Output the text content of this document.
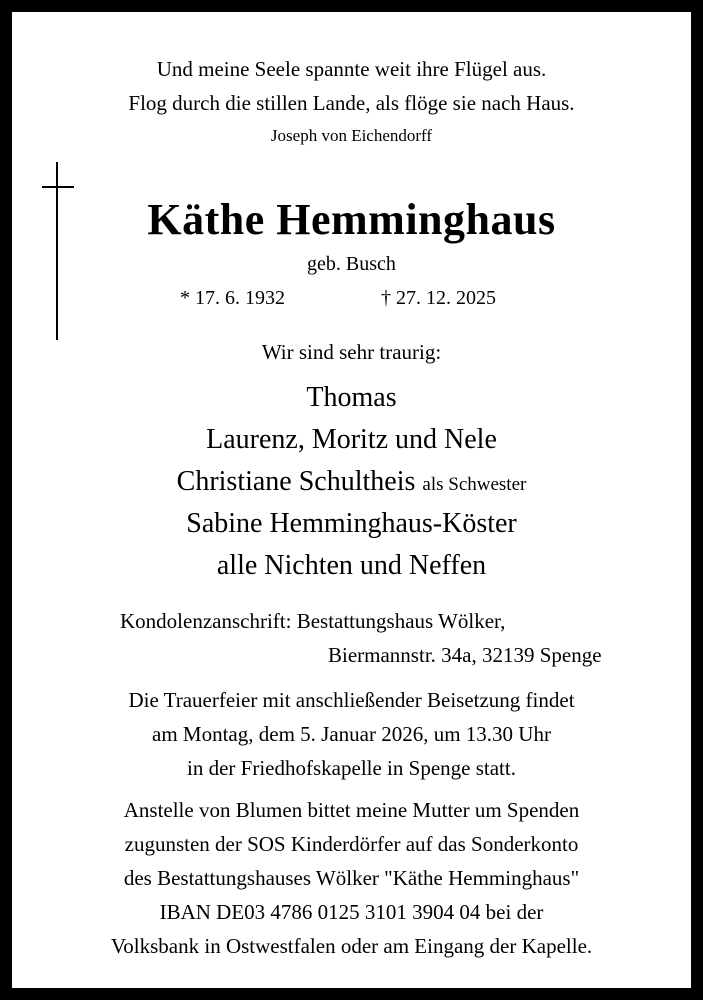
Und meine Seele spannte weit ihre Flügel aus.
Flog durch die stillen Lande, als flöge sie nach Haus.
Joseph von Eichendorff
Käthe Hemminghaus
geb. Busch
* 17. 6. 1932	† 27. 12. 2025
Wir sind sehr traurig:
Thomas
Laurenz, Moritz und Nele
Christiane Schultheis als Schwester
Sabine Hemminghaus-Köster
alle Nichten und Neffen
Kondolenzanschrift: Bestattungshaus Wölker,
Biermannstr. 34a, 32139 Spenge
Die Trauerfeier mit anschließender Beisetzung findet
am Montag, dem 5. Januar 2026, um 13.30 Uhr
in der Friedhofskapelle in Spenge statt.
Anstelle von Blumen bittet meine Mutter um Spenden
zugunsten der SOS Kinderdörfer auf das Sonderkonto
des Bestattungshauses Wölker "Käthe Hemminghaus"
IBAN DE03 4786 0125 3101 3904 04 bei der
Volksbank in Ostwestfalen oder am Eingang der Kapelle.
